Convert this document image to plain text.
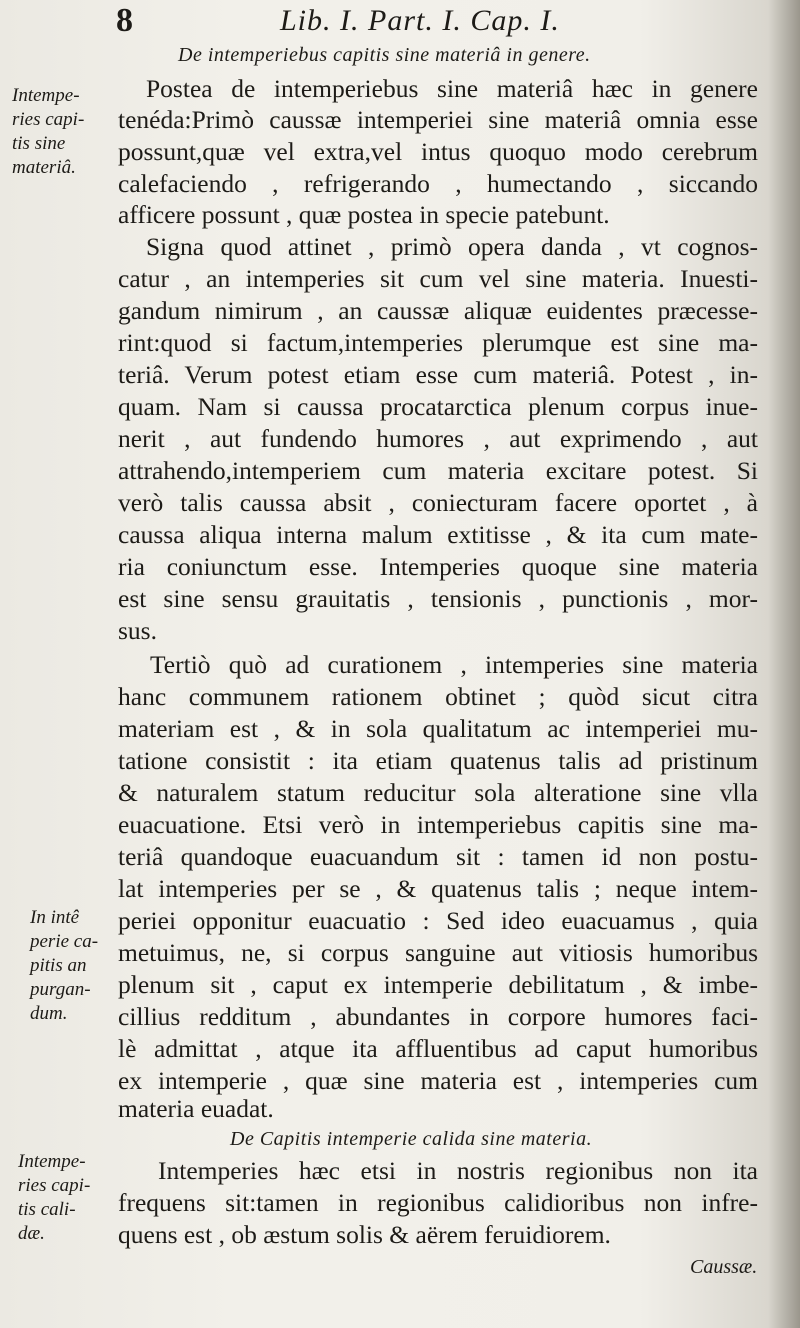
8	Lib. I. Part. I. Cap. I.
De intemperiebus capitis sine materiâ in genere.
Intempe-
ries capi-
tis sine
materiâ.
In intê
perie ca-
pitis an
purgan-
dum.
Intempe-
ries capi-
tis cali-
dæ.
Postea de intemperiebus sine materiâ hæc in genere
tenéda:Primò caussæ intemperiei sine materiâ omnia esse
possunt,quæ vel extra,vel intus quoquo modo cerebrum
calefaciendo , refrigerando , humectando , siccando
afficere possunt , quæ postea in specie patebunt.
Signa quod attinet , primò opera danda , vt cognos-
catur , an intemperies sit cum vel sine materia. Inuesti-
gandum nimirum , an caussæ aliquæ euidentes præcesse-
rint:quod si factum,intemperies plerumque est sine ma-
teriâ. Verum potest etiam esse cum materiâ. Potest , in-
quam. Nam si caussa procatarctica plenum corpus inue-
nerit , aut fundendo humores , aut exprimendo , aut
attrahendo,intemperiem cum materia excitare potest. Si
verò talis caussa absit , coniecturam facere oportet , à
caussa aliqua interna malum extitisse , & ita cum mate-
ria coniunctum esse. Intemperies quoque sine materia
est sine sensu grauitatis , tensionis , punctionis , mor-
sus.
Tertiò quò ad curationem , intemperies sine materia
hanc communem rationem obtinet ; quòd sicut citra
materiam est , & in sola qualitatum ac intemperiei mu-
tatione consistit : ita etiam quatenus talis ad pristinum
& naturalem statum reducitur sola alteratione sine vlla
euacuatione. Etsi verò in intemperiebus capitis sine ma-
teriâ quandoque euacuandum sit : tamen id non postu-
lat intemperies per se , & quatenus talis ; neque intem-
periei opponitur euacuatio : Sed ideo euacuamus , quia
metuimus, ne, si corpus sanguine aut vitiosis humoribus
plenum sit , caput ex intemperie debilitatum , & imbe-
cillius redditum , abundantes in corpore humores faci-
lè admittat , atque ita affluentibus ad caput humoribus
ex intemperie , quæ sine materia est , intemperies cum
materia euadat.
De Capitis intemperie calida sine materia.
Intemperies hæc etsi in nostris regionibus non ita
frequens sit:tamen in regionibus calidioribus non infre-
quens est , ob æstum solis & aërem feruidiorem.
Caussæ.
